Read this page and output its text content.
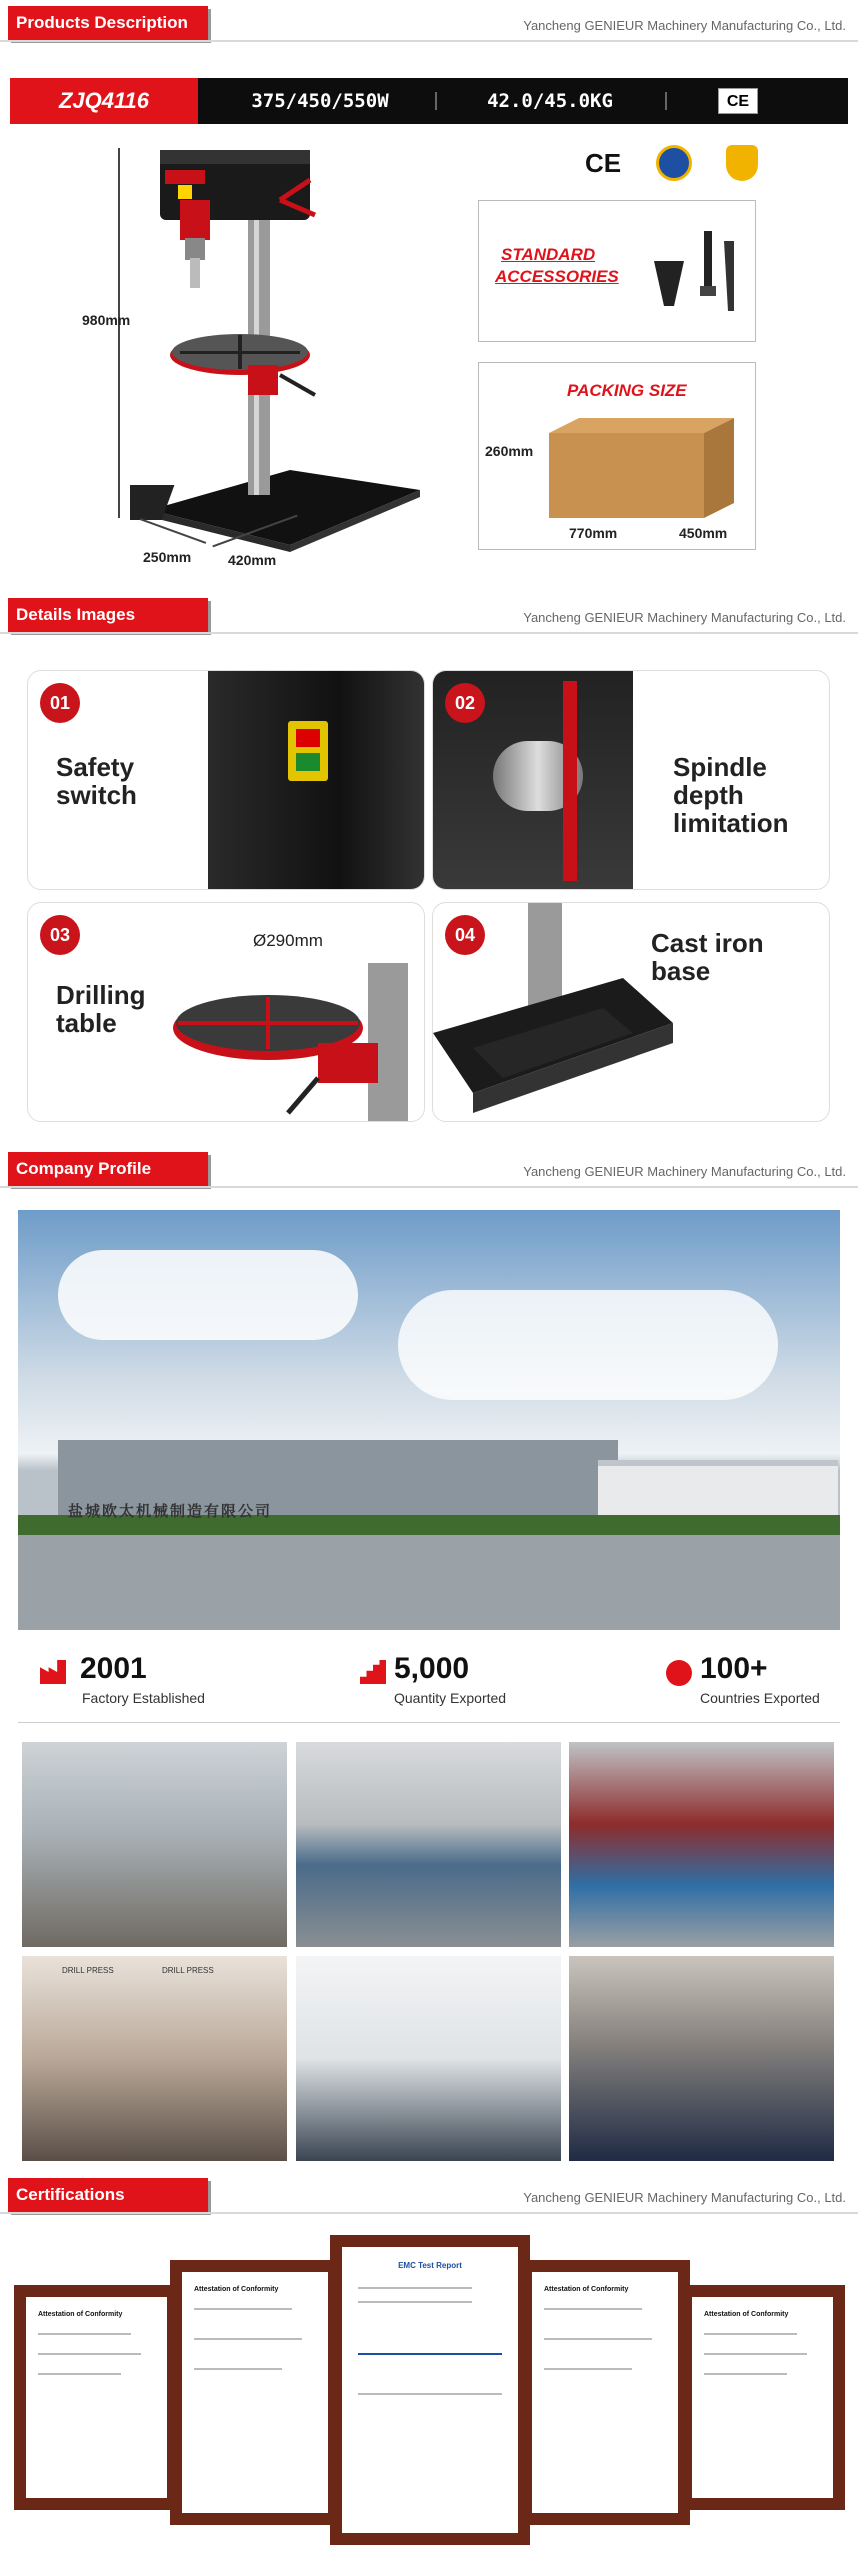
Products Description	Yancheng GENIEUR Machinery Manufacturing Co., Ltd.
ZJQ4116	375/450/550W	42.0/45.0KG	CE
980mm
250mm	420mm
CE
STANDARD
ACCESSORIES
PACKING SIZE
260mm
770mm	450mm
Details Images	Yancheng GENIEUR Machinery Manufacturing Co., Ltd.
01
Safety
switch
02
Spindle
depth
limitation
03
Drilling
table
Ø290mm	04	Cast iron
base
Company Profile	Yancheng GENIEUR Machinery Manufacturing Co., Ltd.
盐城欧太机械制造有限公司
2001
Factory Established
5,000
Quantity Exported
100+
Countries Exported
DRILL PRESS	DRILL PRESS
Certifications	Yancheng GENIEUR Machinery Manufacturing Co., Ltd.
Attestation of Conformity
Attestation of Conformity
EMC Test Report
Attestation of Conformity
Attestation of Conformity
